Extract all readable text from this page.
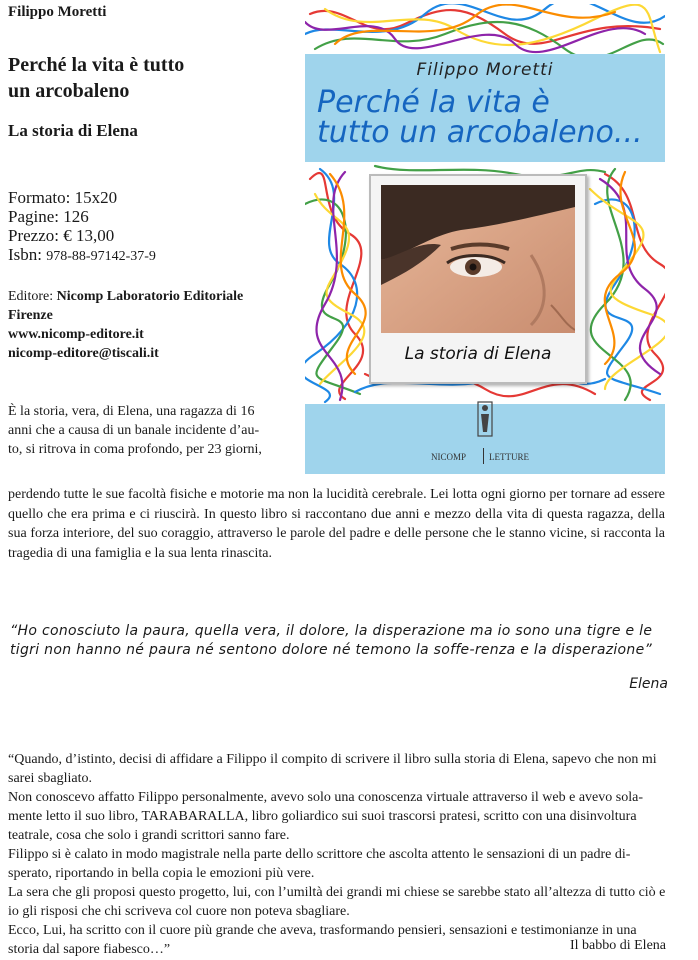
Filippo Moretti
Perché la vita è tutto
un arcobaleno
La storia di Elena
Formato: 15x20
Pagine: 126
Prezzo: € 13,00
Isbn: 978-88-97142-37-9
Editore: Nicomp Laboratorio Editoriale
Firenze
www.nicomp-editore.it
nicomp-editore@tiscali.it
Filippo Moretti
Perché la vita è
tutto un arcobaleno...
La storia di Elena
NICOMP	LETTURE
È la storia, vera, di Elena, una ragazza di 16
anni che a causa di un banale incidente d’au-
to, si ritrova in coma profondo, per 23 giorni,
perdendo tutte le sue facoltà fisiche e motorie ma non la lucidità cerebrale. Lei lotta ogni giorno per tornare ad essere quello che era prima e ci riuscirà. In questo libro si raccontano due anni e mezzo della vita di questa ragazza, della sua forza interiore, del suo coraggio, attraverso le parole del padre e delle persone che le stanno vicine, si racconta la tragedia di una famiglia e la sua lenta rinascita.
“Ho conosciuto la paura, quella vera, il dolore, la disperazione ma io sono una tigre e le tigri non hanno né paura né sentono dolore né temono la soffe-renza e la disperazione”
Elena

“Quando, d’istinto, decisi di affidare a Filippo il compito di scrivere il libro sulla storia di Elena, sapevo che non mi sarei sbagliato.

Non conoscevo affatto Filippo personalmente, avevo solo una conoscenza virtuale attraverso il web e avevo sola-mente letto il suo libro, TARABARALLA, libro goliardico sui suoi trascorsi pratesi, scritto con una disinvoltura teatrale, cosa che solo i grandi scrittori sanno fare.

Filippo si è calato in modo magistrale nella parte dello scrittore che ascolta attento le sensazioni di un padre di-sperato, riportando in bella copia le emozioni più vere.

La sera che gli proposi questo progetto, lui, con l’umiltà dei grandi mi chiese se sarebbe stato all’altezza di tutto ciò e io gli risposi che chi scriveva col cuore non poteva sbagliare.

Ecco, Lui, ha scritto con il cuore più grande che aveva, trasformando pensieri, sensazioni e testimonianze in una storia dal sapore fiabesco…”	Il babbo di Elena
